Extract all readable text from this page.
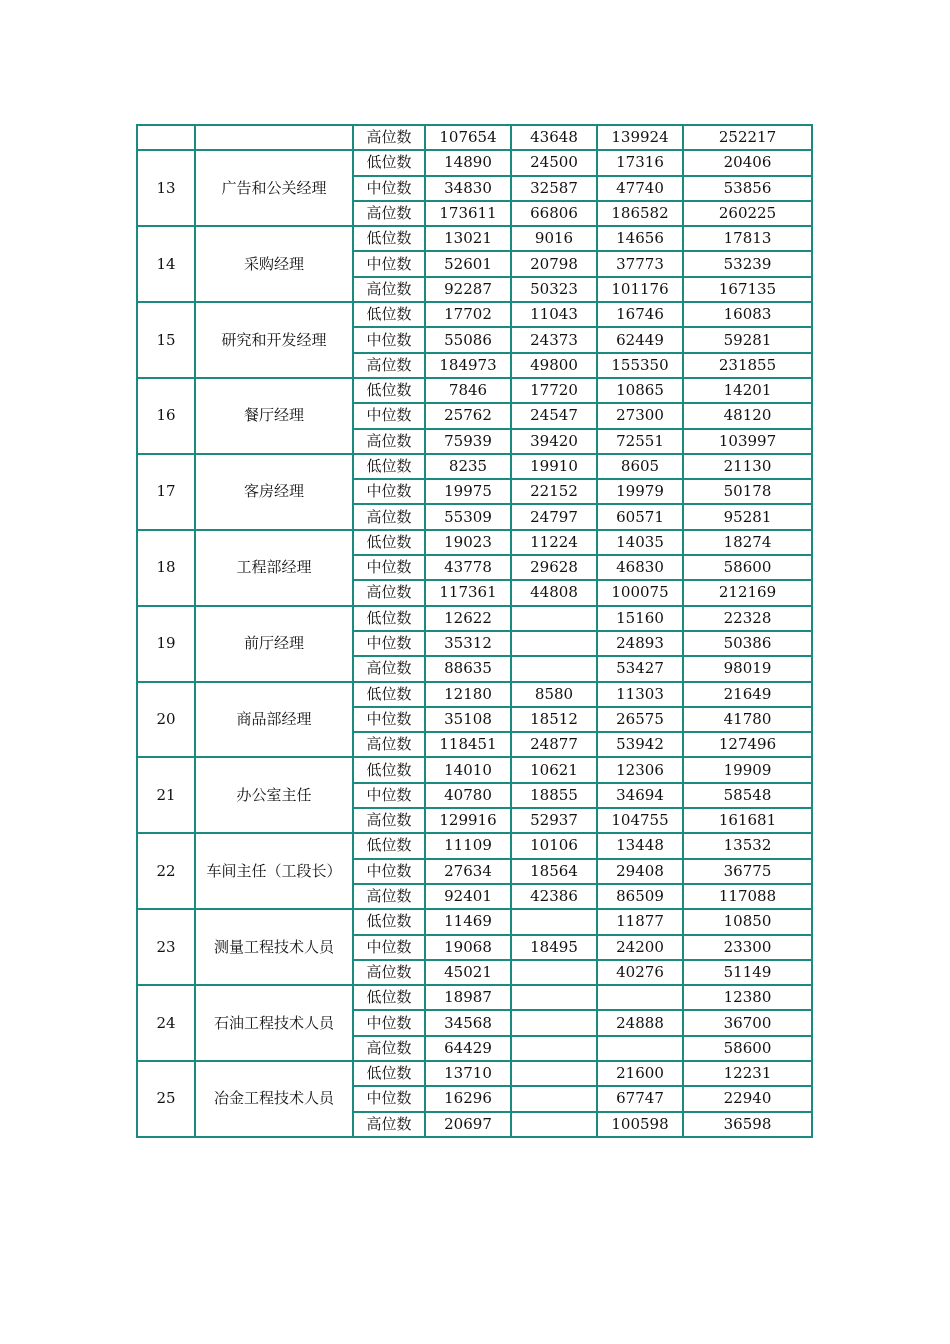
		高位数	107654	43648	139924	252217
13	广告和公关经理	低位数	14890	24500	17316	20406
		中位数	34830	32587	47740	53856
		高位数	173611	66806	186582	260225
14	采购经理	低位数	13021	9016	14656	17813
		中位数	52601	20798	37773	53239
		高位数	92287	50323	101176	167135
15	研究和开发经理	低位数	17702	11043	16746	16083
		中位数	55086	24373	62449	59281
		高位数	184973	49800	155350	231855
16	餐厅经理	低位数	7846	17720	10865	14201
		中位数	25762	24547	27300	48120
		高位数	75939	39420	72551	103997
17	客房经理	低位数	8235	19910	8605	21130
		中位数	19975	22152	19979	50178
		高位数	55309	24797	60571	95281
18	工程部经理	低位数	19023	11224	14035	18274
		中位数	43778	29628	46830	58600
		高位数	117361	44808	100075	212169
19	前厅经理	低位数	12622		15160	22328
		中位数	35312		24893	50386
		高位数	88635		53427	98019
20	商品部经理	低位数	12180	8580	11303	21649
		中位数	35108	18512	26575	41780
		高位数	118451	24877	53942	127496
21	办公室主任	低位数	14010	10621	12306	19909
		中位数	40780	18855	34694	58548
		高位数	129916	52937	104755	161681
22	车间主任（工段长）	低位数	11109	10106	13448	13532
		中位数	27634	18564	29408	36775
		高位数	92401	42386	86509	117088
23	测量工程技术人员	低位数	11469		11877	10850
		中位数	19068	18495	24200	23300
		高位数	45021		40276	51149
24	石油工程技术人员	低位数	18987			12380
		中位数	34568		24888	36700
		高位数	64429			58600
25	冶金工程技术人员	低位数	13710		21600	12231
		中位数	16296		67747	22940
		高位数	20697		100598	36598
